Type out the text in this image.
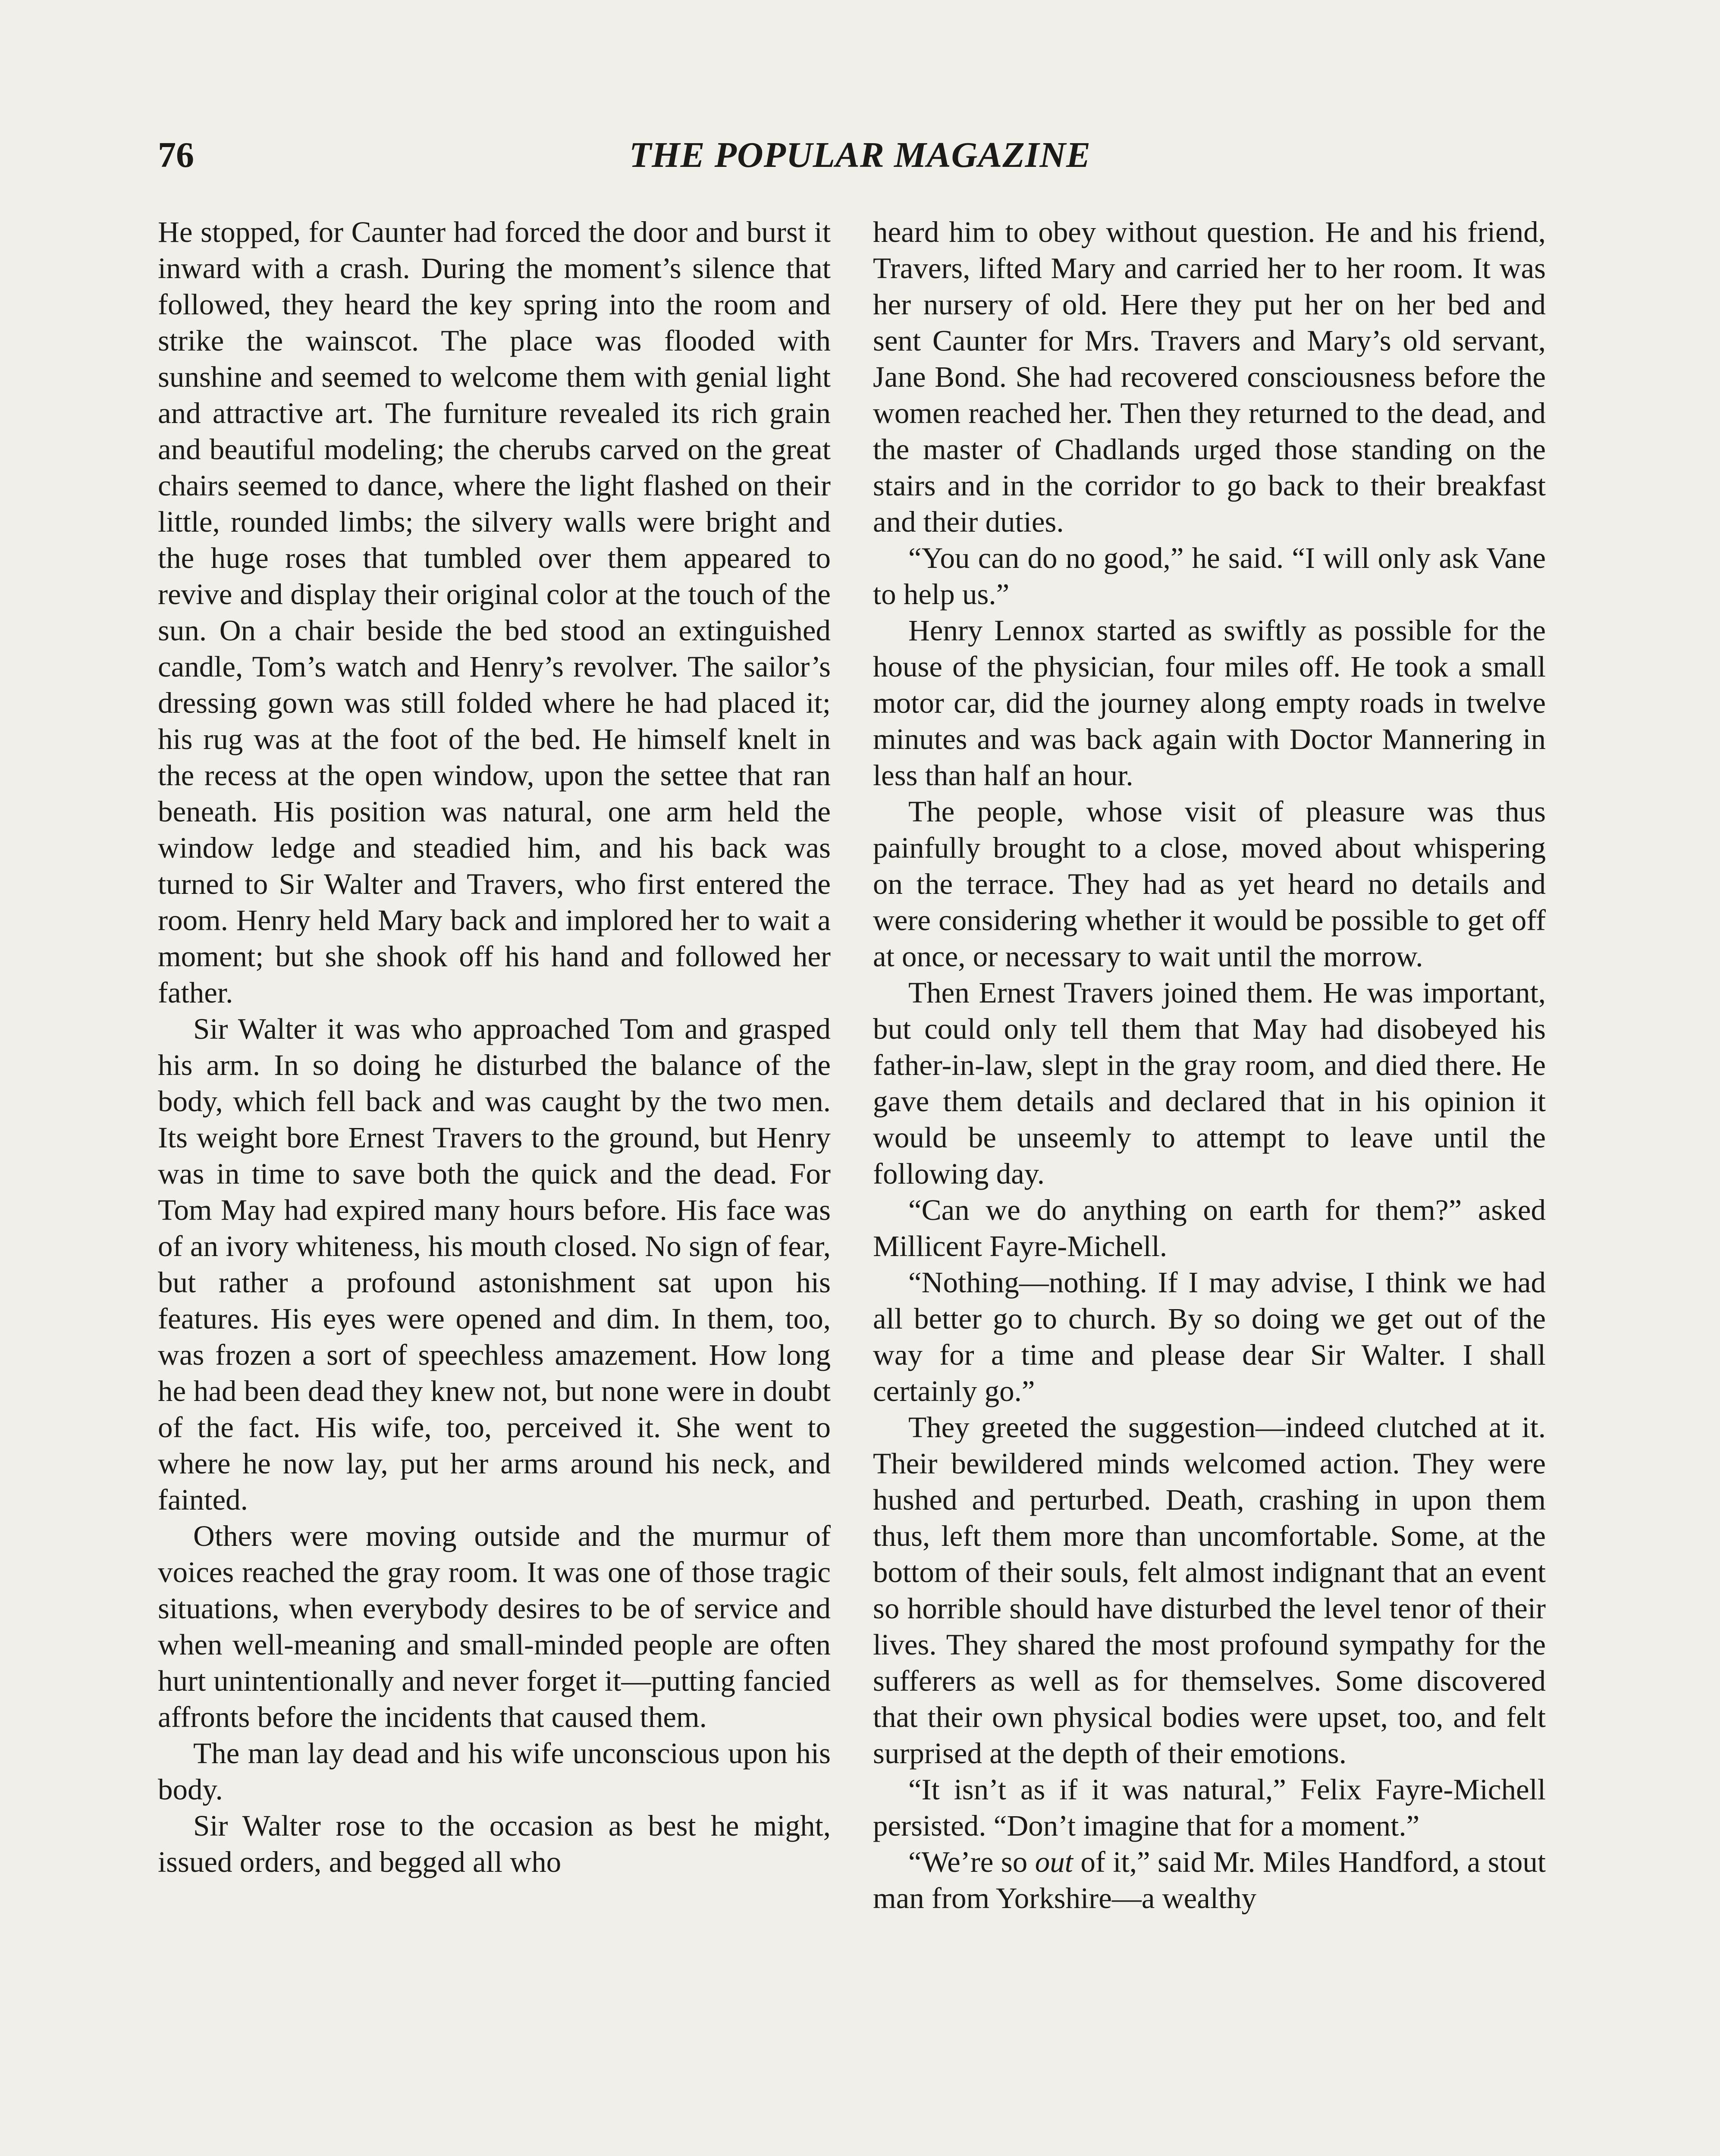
76	THE POPULAR MAGAZINE

He stopped, for Caunter had forced the door and burst it inward with a crash. During the moment’s silence that followed, they heard the key spring into the room and strike the wainscot. The place was flooded with sunshine and seemed to welcome them with genial light and attractive art. The furniture revealed its rich grain and beautiful modeling; the cherubs carved on the great chairs seemed to dance, where the light flashed on their little, rounded limbs; the silvery walls were bright and the huge roses that tumbled over them appeared to revive and display their original color at the touch of the sun. On a chair beside the bed stood an extinguished candle, Tom’s watch and Henry’s revolver. The sailor’s dressing gown was still folded where he had placed it; his rug was at the foot of the bed. He himself knelt in the recess at the open window, upon the settee that ran beneath. His position was natural, one arm held the window ledge and steadied him, and his back was turned to Sir Walter and Travers, who first entered the room. Henry held Mary back and implored her to wait a moment; but she shook off his hand and followed her father.

Sir Walter it was who approached Tom and grasped his arm. In so doing he disturbed the balance of the body, which fell back and was caught by the two men. Its weight bore Ernest Travers to the ground, but Henry was in time to save both the quick and the dead. For Tom May had expired many hours before. His face was of an ivory whiteness, his mouth closed. No sign of fear, but rather a profound astonishment sat upon his features. His eyes were opened and dim. In them, too, was frozen a sort of speechless amazement. How long he had been dead they knew not, but none were in doubt of the fact. His wife, too, perceived it. She went to where he now lay, put her arms around his neck, and fainted.

Others were moving outside and the murmur of voices reached the gray room. It was one of those tragic situations, when everybody desires to be of service and when well-meaning and small-minded people are often hurt unintentionally and never forget it—putting fancied affronts before the incidents that caused them.

The man lay dead and his wife unconscious upon his body.

Sir Walter rose to the occasion as best he might, issued orders, and begged all who

heard him to obey without question. He and his friend, Travers, lifted Mary and carried her to her room. It was her nursery of old. Here they put her on her bed and sent Caunter for Mrs. Travers and Mary’s old servant, Jane Bond. She had recovered consciousness before the women reached her. Then they returned to the dead, and the master of Chadlands urged those standing on the stairs and in the corridor to go back to their breakfast and their duties.

“You can do no good,” he said. “I will only ask Vane to help us.”

Henry Lennox started as swiftly as possible for the house of the physician, four miles off. He took a small motor car, did the journey along empty roads in twelve minutes and was back again with Doctor Mannering in less than half an hour.

The people, whose visit of pleasure was thus painfully brought to a close, moved about whispering on the terrace. They had as yet heard no details and were considering whether it would be possible to get off at once, or necessary to wait until the morrow.

Then Ernest Travers joined them. He was important, but could only tell them that May had disobeyed his father-in-law, slept in the gray room, and died there. He gave them details and declared that in his opinion it would be unseemly to attempt to leave until the following day.

“Can we do anything on earth for them?” asked Millicent Fayre-Michell.

“Nothing—nothing. If I may advise, I think we had all better go to church. By so doing we get out of the way for a time and please dear Sir Walter. I shall certainly go.”

They greeted the suggestion—indeed clutched at it. Their bewildered minds welcomed action. They were hushed and perturbed. Death, crashing in upon them thus, left them more than uncomfortable. Some, at the bottom of their souls, felt almost indignant that an event so horrible should have disturbed the level tenor of their lives. They shared the most profound sympathy for the sufferers as well as for themselves. Some discovered that their own physical bodies were upset, too, and felt surprised at the depth of their emotions.

“It isn’t as if it was natural,” Felix Fayre-Michell persisted. “Don’t imagine that for a moment.”

“We’re so out of it,” said Mr. Miles Handford, a stout man from Yorkshire—a wealthy
